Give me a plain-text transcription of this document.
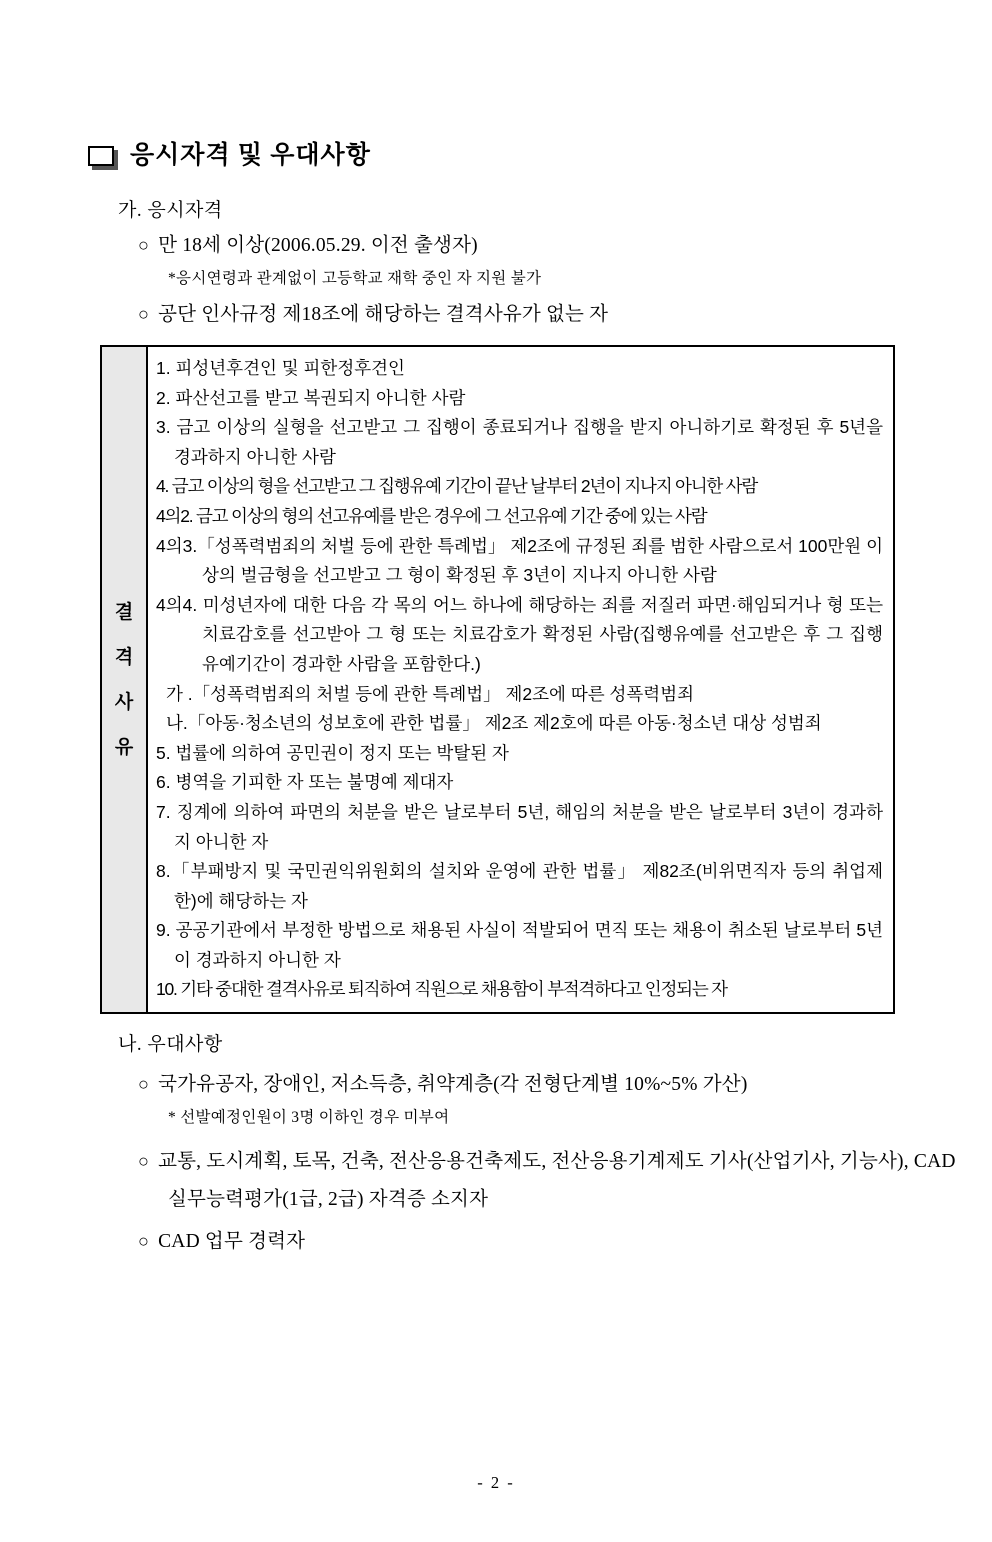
응시자격 및 우대사항
가. 응시자격
○ 만 18세 이상(2006.05.29. 이전 출생자)
*응시연령과 관계없이 고등학교 재학 중인 자 지원 불가
○ 공단 인사규정 제18조에 해당하는 결격사유가 없는 자
결격사유
1. 피성년후견인 및 피한정후견인
2. 파산선고를 받고 복권되지 아니한 사람
3. 금고 이상의 실형을 선고받고 그 집행이 종료되거나 집행을 받지 아니하기로 확정된 후 5년을 경과하지 아니한 사람
4. 금고 이상의 형을 선고받고 그 집행유예 기간이 끝난 날부터 2년이 지나지 아니한 사람
4의2. 금고 이상의 형의 선고유예를 받은 경우에 그 선고유예 기간 중에 있는 사람
4의3.「성폭력범죄의 처벌 등에 관한 특례법」 제2조에 규정된 죄를 범한 사람으로서 100만원 이상의 벌금형을 선고받고 그 형이 확정된 후 3년이 지나지 아니한 사람
4의4. 미성년자에 대한 다음 각 목의 어느 하나에 해당하는 죄를 저질러 파면·해임되거나 형 또는 치료감호를 선고받아 그 형 또는 치료감호가 확정된 사람(집행유예를 선고받은 후 그 집행유예기간이 경과한 사람을 포함한다.)
가 .「성폭력범죄의 처벌 등에 관한 특례법」 제2조에 따른 성폭력범죄
나.「아동·청소년의 성보호에 관한 법률」 제2조 제2호에 따른 아동·청소년 대상 성범죄
5. 법률에 의하여 공민권이 정지 또는 박탈된 자
6. 병역을 기피한 자 또는 불명예 제대자
7. 징계에 의하여 파면의 처분을 받은 날로부터 5년, 해임의 처분을 받은 날로부터 3년이 경과하지 아니한 자
8.「부패방지 및 국민권익위원회의 설치와 운영에 관한 법률」 제82조(비위면직자 등의 취업제한)에 해당하는 자
9. 공공기관에서 부정한 방법으로 채용된 사실이 적발되어 면직 또는 채용이 취소된 날로부터 5년이 경과하지 아니한 자
10. 기타 중대한 결격사유로 퇴직하여 직원으로 채용함이 부적격하다고 인정되는 자
나. 우대사항
○ 국가유공자, 장애인, 저소득층, 취약계층(각 전형단계별 10%~5% 가산)
* 선발예정인원이 3명 이하인 경우 미부여
○ 교통, 도시계획, 토목, 건축, 전산응용건축제도, 전산응용기계제도 기사(산업기사, 기능사), CAD 실무능력평가(1급, 2급) 자격증 소지자
○ CAD 업무 경력자
- 2 -
